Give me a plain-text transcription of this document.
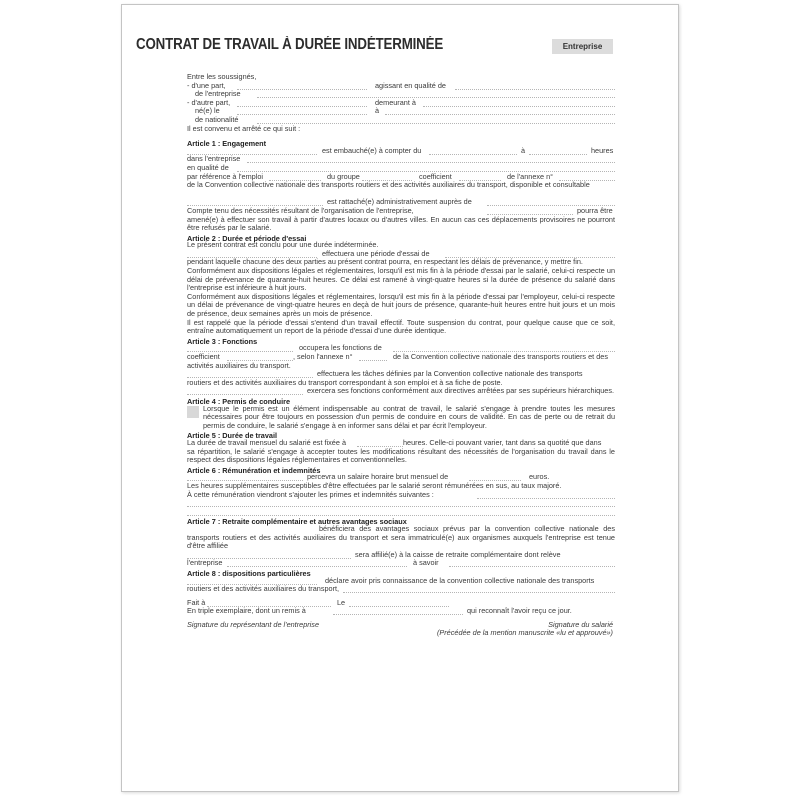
CONTRAT DE TRAVAIL À DURÉE INDÉTERMINÉE	Entreprise
Entre les soussignés,
- d'une part,	agissant en qualité de
de l'entreprise
- d'autre part,	demeurant à
né(e) le	à
de nationalité
Il est convenu et arrêté ce qui suit :
Article 1 : Engagement
est embauché(e) à compter du	à	heures
dans l'entreprise
en qualité de
par référence à l'emploi	du groupe	coefficient	de l'annexe n°
de la Convention collective nationale des transports routiers et des activités auxiliaires du transport, disponible et consultable
est rattaché(e) administrativement auprès de
Compte tenu des nécessités résultant de l'organisation de l'entreprise,	pourra être
amené(e) à effectuer son travail à partir d'autres locaux ou d'autres villes. En aucun cas ces déplacements provisoires ne pourront être refusés par le salarié.
Article 2 : Durée et période d'essai
Le présent contrat est conclu pour une durée indéterminée.
effectuera une période d'essai de
pendant laquelle chacune des deux parties au présent contrat pourra, en respectant les délais de prévenance, y mettre fin.
Conformément aux dispositions légales et réglementaires, lorsqu'il est mis fin à la période d'essai par le salarié, celui-ci respecte un délai de prévenance de quarante-huit heures. Ce délai est ramené à vingt-quatre heures si la durée de présence du salarié dans l'entreprise est inférieure à huit jours.
Conformément aux dispositions légales et réglementaires, lorsqu'il est mis fin à la période d'essai par l'employeur, celui-ci respecte un délai de prévenance de vingt-quatre heures en deçà de huit jours de présence, quarante-huit heures entre huit jours et un mois de présence, deux semaines après un mois de présence.
Il est rappelé que la période d'essai s'entend d'un travail effectif. Toute suspension du contrat, pour quelque cause que ce soit, entraîne automatiquement un report de la période d'essai d'une durée identique.
Article 3 : Fonctions
occupera les fonctions de
coefficient	, selon l'annexe n°	de la Convention collective nationale des transports routiers et des
activités auxiliaires du transport.
effectuera les tâches définies par la Convention collective nationale des transports
routiers et des activités auxiliaires du transport correspondant à son emploi et à sa fiche de poste.
exercera ses fonctions conformément aux directives arrêtées par ses supérieurs hiérarchiques.
Article 4 : Permis de conduire
Lorsque le permis est un élément indispensable au contrat de travail, le salarié s'engage à prendre toutes les mesures nécessaires pour être toujours en possession d'un permis de conduire en cours de validité. En cas de perte ou de retrait du permis de conduire, le salarié s'engage à en informer sans délai et par écrit l'employeur.
Article 5 : Durée de travail
La durée de travail mensuel du salarié est fixée à	heures. Celle-ci pouvant varier, tant dans sa quotité que dans
sa répartition, le salarié s'engage à accepter toutes les modifications résultant des nécessités de l'organisation du travail dans le respect des dispositions légales réglementaires et conventionnelles.
Article 6 : Rémunération et indemnités
percevra un salaire horaire brut mensuel de	euros.
Les heures supplémentaires susceptibles d'être effectuées par le salarié seront rémunérées en sus, au taux majoré.
À cette rémunération viendront s'ajouter les primes et indemnités suivantes :
Article 7 : Retraite complémentaire et autres avantages sociaux
bénéficiera des avantages sociaux prévus par la convention collective nationale des transports routiers et des activités auxiliaires du transport et sera immatriculé(e) aux organismes auxquels l'entreprise est tenue d'être affiliée
sera affilié(e) à la caisse de retraite complémentaire dont relève
l'entreprise	à savoir
Article 8 : dispositions particulières
déclare avoir pris connaissance de la convention collective nationale des transports
routiers et des activités auxiliaires du transport,
Fait à	Le
En triple exemplaire, dont un remis à	qui reconnaît l'avoir reçu ce jour.
Signature du représentant de l'entreprise	Signature du salarié
(Précédée de la mention manuscrite «lu et approuvé»)
